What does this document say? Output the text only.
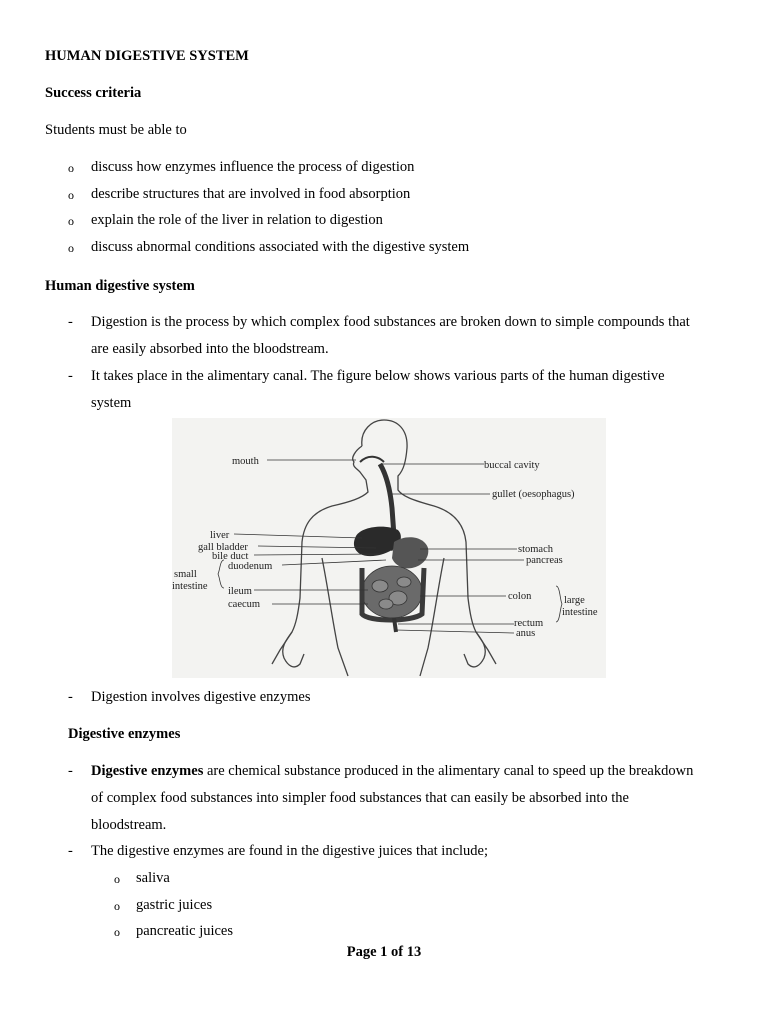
HUMAN DIGESTIVE SYSTEM
Success criteria
Students must be able to
o discuss how enzymes influence the process of digestion
o describe structures that are involved in food absorption
o explain the role of the liver in relation to digestion
o discuss abnormal conditions associated with the digestive system
Human digestive system
- Digestion is the process by which complex food substances are broken down to simple compounds that
are easily absorbed into the bloodstream.
- It takes place in the alimentary canal. The figure below shows various parts of the human digestive
system
mouth	buccal cavity
gullet (oesophagus)
liver
gall bladder
bile duct
duodenum
small
intestine ileum
caecum
stomach
pancreas
colon	large
intestine
rectum
anus
- Digestion involves digestive enzymes
Digestive enzymes
- Digestive enzymes are chemical substance produced in the alimentary canal to speed up the breakdown
of complex food substances into simpler food substances that can easily be absorbed into the
bloodstream.
- The digestive enzymes are found in the digestive juices that include;
o saliva
o gastric juices
o pancreatic juices
Page 1 of 13
